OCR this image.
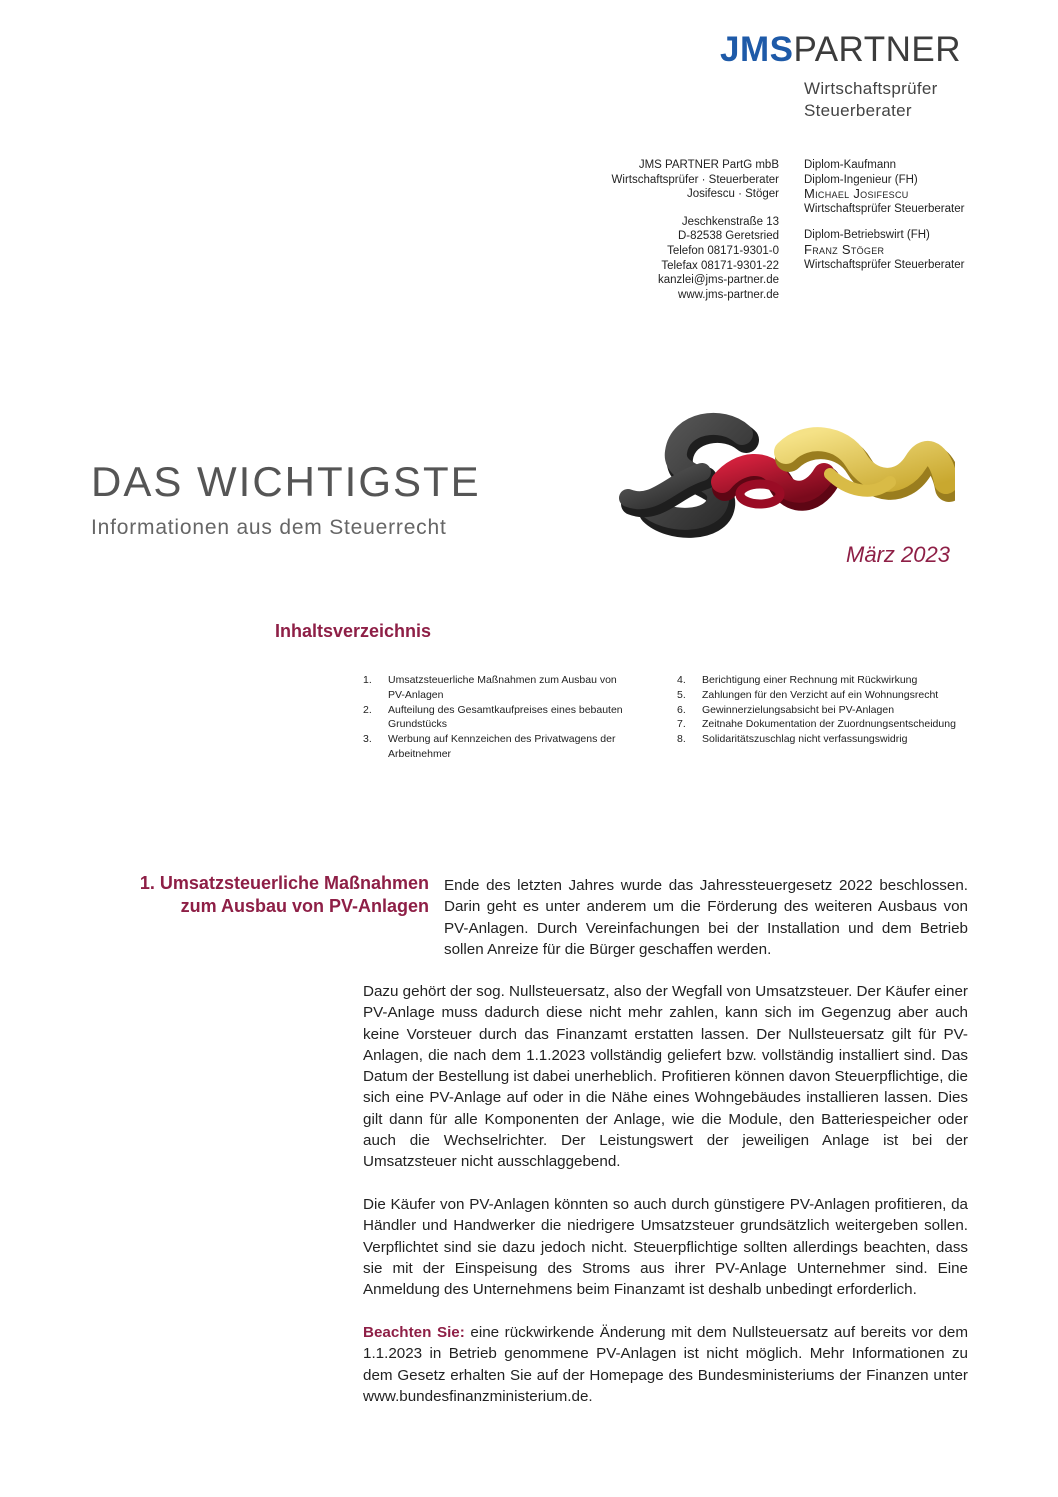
JMSPARTNER
Wirtschaftsprüfer
Steuerberater
JMS PARTNER PartG mbB
Wirtschaftsprüfer · Steuerberater
Josifescu · Stöger
Jeschkenstraße 13
D-82538 Geretsried
Telefon 08171-9301-0
Telefax 08171-9301-22
kanzlei@jms-partner.de
www.jms-partner.de
Diplom-Kaufmann
Diplom-Ingenieur (FH)
Michael Josifescu
Wirtschaftsprüfer Steuerberater
Diplom-Betriebswirt (FH)
Franz Stöger
Wirtschaftsprüfer Steuerberater
DAS WICHTIGSTE
Informationen aus dem Steuerrecht
März 2023
Inhaltsverzeichnis
1.	Umsatzsteuerliche Maßnahmen zum Ausbau von PV-Anlagen
2.	Aufteilung des Gesamtkaufpreises eines bebauten Grundstücks
3.	Werbung auf Kennzeichen des Privatwagens der Arbeitnehmer
4.	Berichtigung einer Rechnung mit Rückwirkung
5.	Zahlungen für den Verzicht auf ein Wohnungsrecht
6.	Gewinnerzielungsabsicht bei PV-Anlagen
7.	Zeitnahe Dokumentation der Zuordnungsentscheidung
8.	Solidaritätszuschlag nicht verfassungswidrig
1. Umsatzsteuerliche Maßnahmen
zum Ausbau von PV-Anlagen
Ende des letzten Jahres wurde das Jahressteuergesetz 2022 beschlossen. Darin geht es unter anderem um die Förderung des weiteren Ausbaus von PV-Anlagen. Durch Vereinfachungen bei der Installation und dem Betrieb sollen Anreize für die Bürger geschaffen werden.
Dazu gehört der sog. Nullsteuersatz, also der Wegfall von Umsatzsteuer. Der Käufer einer PV-Anlage muss dadurch diese nicht mehr zahlen, kann sich im Gegenzug aber auch keine Vorsteuer durch das Finanzamt erstatten lassen. Der Nullsteuersatz gilt für PV-Anlagen, die nach dem 1.1.2023 vollständig geliefert bzw. vollständig installiert sind. Das Datum der Bestellung ist dabei unerheblich. Profitieren können davon Steuerpflichtige, die sich eine PV-Anlage auf oder in die Nähe eines Wohngebäudes installieren lassen. Dies gilt dann für alle Komponenten der Anlage, wie die Module, den Batteriespeicher oder auch die Wechselrichter. Der Leistungswert der jeweiligen Anlage ist bei der Umsatzsteuer nicht ausschlaggebend.
Die Käufer von PV-Anlagen könnten so auch durch günstigere PV-Anlagen profitieren, da Händler und Handwerker die niedrigere Umsatzsteuer grundsätzlich weitergeben sollen. Verpflichtet sind sie dazu jedoch nicht. Steuerpflichtige sollten allerdings beachten, dass sie mit der Einspeisung des Stroms aus ihrer PV-Anlage Unternehmer sind. Eine Anmeldung des Unternehmens beim Finanzamt ist deshalb unbedingt erforderlich.
Beachten Sie: eine rückwirkende Änderung mit dem Nullsteuersatz auf bereits vor dem 1.1.2023 in Betrieb genommene PV-Anlagen ist nicht möglich. Mehr Informationen zu dem Gesetz erhalten Sie auf der Homepage des Bundesministeriums der Finanzen unter www.bundesfinanzministerium.de.
